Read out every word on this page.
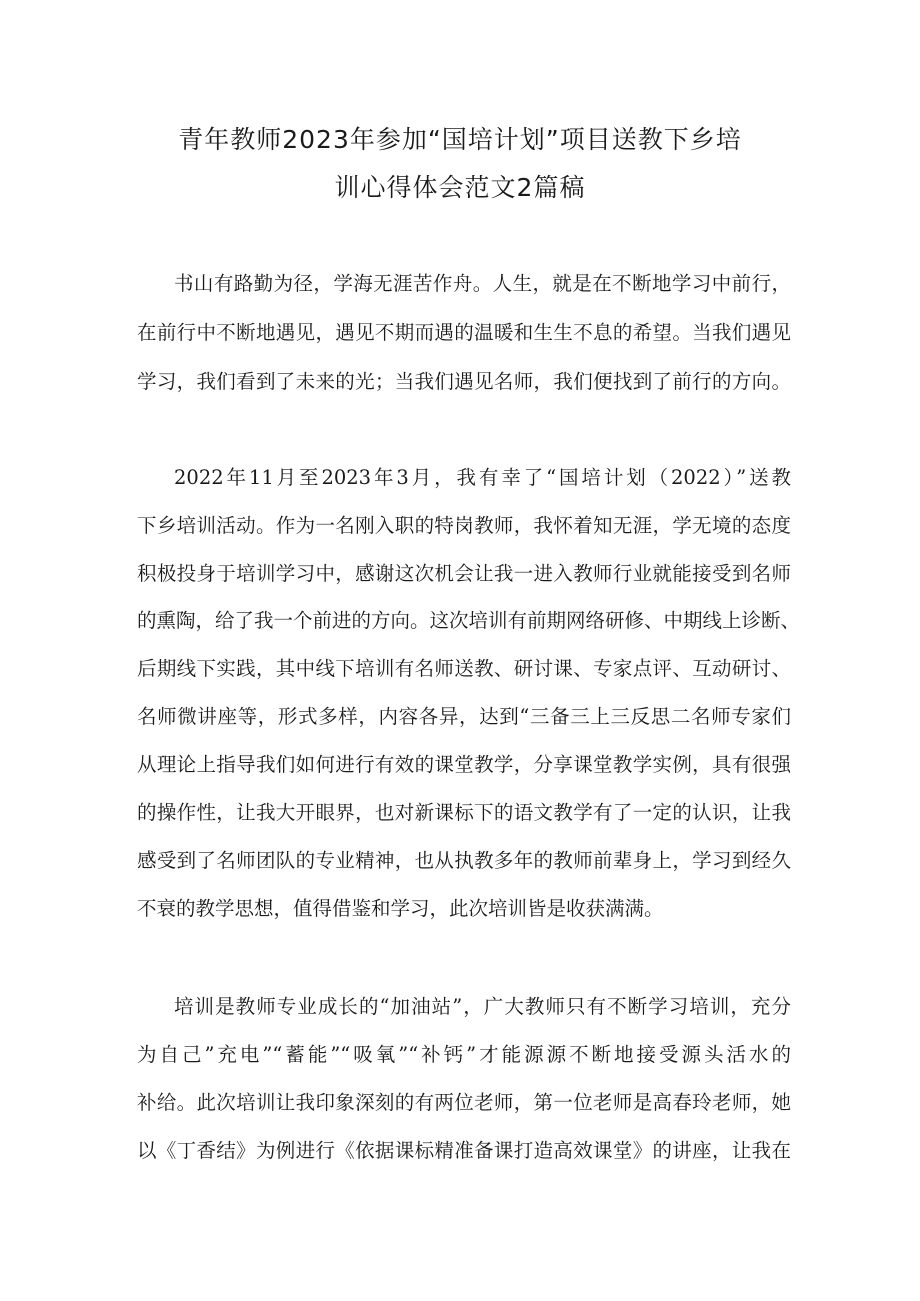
青年教师2023年参加“国培计划”项目送教下乡培
训心得体会范文2篇稿
书山有路勤为径，学海无涯苦作舟。人生，就是在不断地学习中前行，
在前行中不断地遇见，遇见不期而遇的温暖和生生不息的希望。当我们遇见
学习，我们看到了未来的光；当我们遇见名师，我们便找到了前行的方向。
2022年11月至2023年3月，我有幸了“国培计划（2022）”送教
下乡培训活动。作为一名刚入职的特岗教师，我怀着知无涯，学无境的态度
积极投身于培训学习中，感谢这次机会让我一进入教师行业就能接受到名师
的熏陶，给了我一个前进的方向。这次培训有前期网络研修、中期线上诊断、
后期线下实践，其中线下培训有名师送教、研讨课、专家点评、互动研讨、
名师微讲座等，形式多样，内容各异，达到“三备三上三反思二名师专家们
从理论上指导我们如何进行有效的课堂教学，分享课堂教学实例，具有很强
的操作性，让我大开眼界，也对新课标下的语文教学有了一定的认识，让我
感受到了名师团队的专业精神，也从执教多年的教师前辈身上，学习到经久
不衰的教学思想，值得借鉴和学习，此次培训皆是收获满满。
培训是教师专业成长的“加油站”，广大教师只有不断学习培训，充分
为自己”充电”“蓄能”“吸氧”“补钙”才能源源不断地接受源头活水的
补给。此次培训让我印象深刻的有两位老师，第一位老师是高春玲老师，她
以《丁香结》为例进行《依据课标精准备课打造高效课堂》的讲座，让我在
